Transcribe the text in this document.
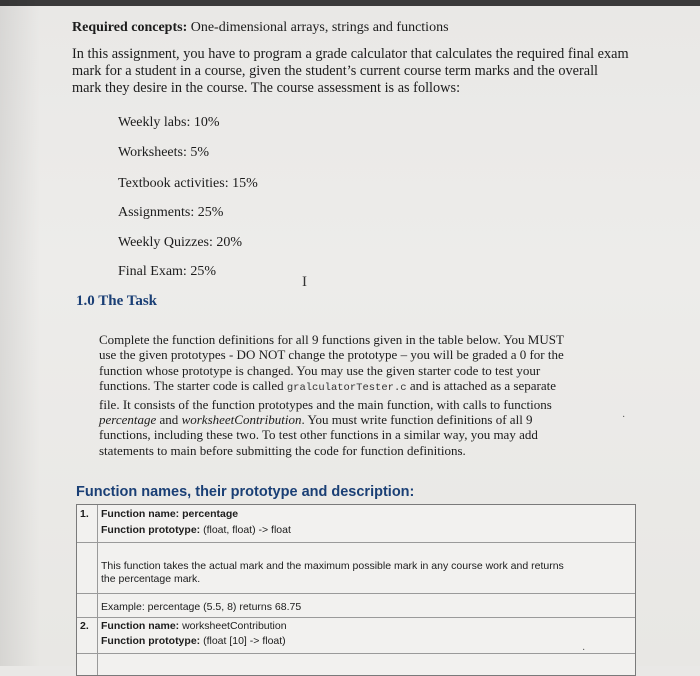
Required concepts: One-dimensional arrays, strings and functions
In this assignment, you have to program a grade calculator that calculates the required final exam
mark for a student in a course, given the student’s current course term marks and the overall
mark they desire in the course. The course assessment is as follows:
Weekly labs: 10%
Worksheets: 5%
Textbook activities: 15%
Assignments: 25%
Weekly Quizzes: 20%
Final Exam: 25%
I
1.0 The Task
Complete the function definitions for all 9 functions given in the table below. You MUST
use the given prototypes - DO NOT change the prototype – you will be graded a 0 for the
function whose prototype is changed. You may use the given starter code to test your
functions. The starter code is called gralculatorTester.c and is attached as a separate
file. It consists of the function prototypes and the main function, with calls to functions
percentage and worksheetContribution. You must write function definitions of all 9
functions, including these two. To test other functions in a similar way, you may add
statements to main before submitting the code for function definitions.
·
Function names, their prototype and description:
1. Function name: percentage
Function prototype: (float, float) -> float
This function takes the actual mark and the maximum possible mark in any course work and returns
the percentage mark.
Example: percentage (5.5, 8) returns 68.75
2. Function name: worksheetContribution
Function prototype: (float [10] -> float)
·
